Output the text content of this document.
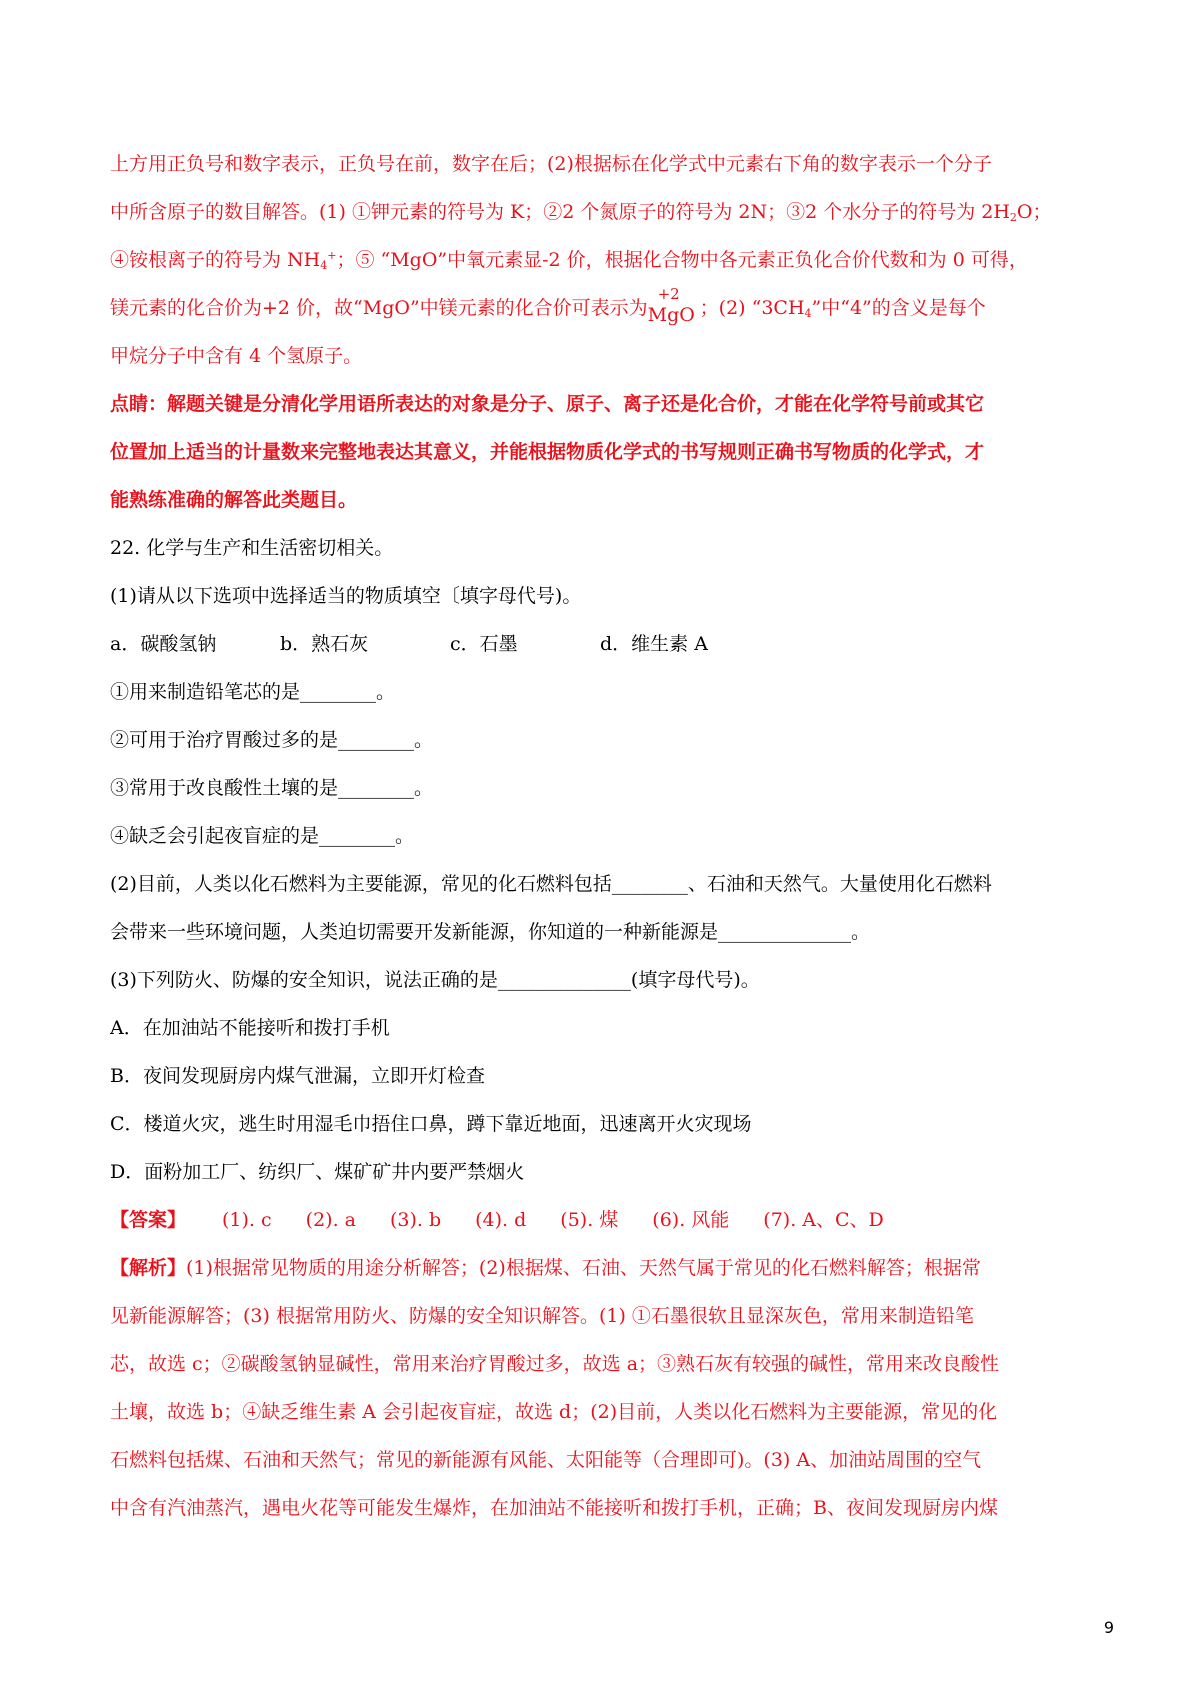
上方用正负号和数字表示，正负号在前，数字在后；(2)根据标在化学式中元素右下角的数字表示一个分子
中所含原子的数目解答。(1) ①钾元素的符号为 K；②2 个氮原子的符号为 2N；③2 个水分子的符号为 $2H_2O$；
④铵根离子的符号为 $NH_4^+$；⑤ “MgO”中氧元素显-2 价，根据化合物中各元素正负化合价代数和为 0 可得，
镁元素的化合价为+2 价，故“MgO”中镁元素的化合价可表示为
+2
MgO ；(2) “$3CH_4$”中“4”的含义是每个
甲烷分子中含有 4 个氢原子。
点睛：解题关键是分清化学用语所表达的对象是分子、原子、离子还是化合价，才能在化学符号前或其它
位置加上适当的计量数来完整地表达其意义，并能根据物质化学式的书写规则正确书写物质的化学式，才
能熟练准确的解答此类题目。
22. 化学与生产和生活密切相关。
(1)请从以下选项中选择适当的物质填空〔填字母代号)。
a．碳酸氢钠	b．熟石灰	c．石墨	d．维生素 A
①用来制造铅笔芯的是________。
②可用于治疗胃酸过多的是________。
③常用于改良酸性土壤的是________。
④缺乏会引起夜盲症的是________。
(2)目前，人类以化石燃料为主要能源，常见的化石燃料包括________、石油和天然气。大量使用化石燃料
会带来一些环境问题，人类迫切需要开发新能源，你知道的一种新能源是______________。
(3)下列防火、防爆的安全知识，说法正确的是______________(填字母代号)。
A．在加油站不能接听和拨打手机
B．夜间发现厨房内煤气泄漏，立即开灯检查
C．楼道火灾，逃生时用湿毛巾捂住口鼻，蹲下靠近地面，迅速离开火灾现场
D．面粉加工厂、纺织厂、煤矿矿井内要严禁烟火
【答案】 (1). c (2). a (3). b (4). d (5). 煤 (6). 风能 (7). A、C、D
【解析】(1)根据常见物质的用途分析解答；(2)根据煤、石油、天然气属于常见的化石燃料解答；根据常
见新能源解答；(3) 根据常用防火、防爆的安全知识解答。(1) ①石墨很软且显深灰色，常用来制造铅笔
芯，故选 c；②碳酸氢钠显碱性，常用来治疗胃酸过多，故选 a；③熟石灰有较强的碱性，常用来改良酸性
土壤，故选 b；④缺乏维生素 A 会引起夜盲症，故选 d；(2)目前，人类以化石燃料为主要能源，常见的化
石燃料包括煤、石油和天然气；常见的新能源有风能、太阳能等（合理即可)。(3) A、加油站周围的空气
中含有汽油蒸汽，遇电火花等可能发生爆炸，在加油站不能接听和拨打手机，正确；B、夜间发现厨房内煤
9
